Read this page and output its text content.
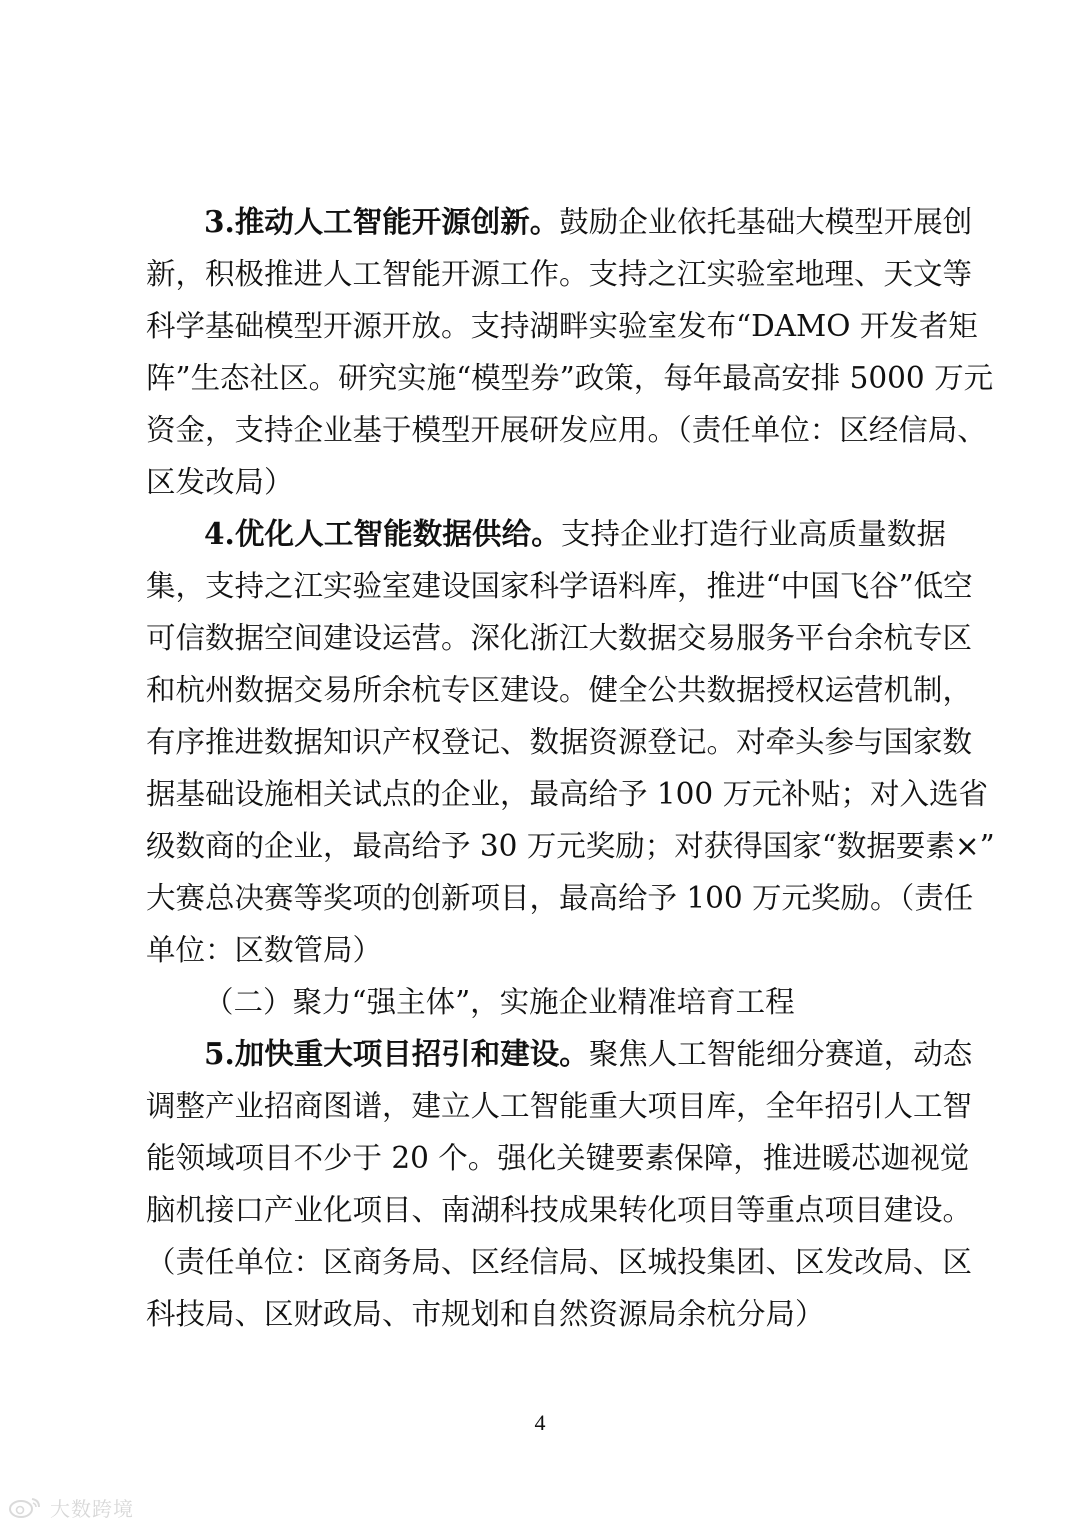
3.推动人工智能开源创新。鼓励企业依托基础大模型开展创
新，积极推进人工智能开源工作。支持之江实验室地理、天文等
科学基础模型开源开放。支持湖畔实验室发布“DAMO 开发者矩
阵”生态社区。研究实施“模型券”政策，每年最高安排 5000 万元
资金，支持企业基于模型开展研发应用。（责任单位：区经信局、
区发改局）
4.优化人工智能数据供给。支持企业打造行业高质量数据
集，支持之江实验室建设国家科学语料库，推进“中国飞谷”低空
可信数据空间建设运营。深化浙江大数据交易服务平台余杭专区
和杭州数据交易所余杭专区建设。健全公共数据授权运营机制，
有序推进数据知识产权登记、数据资源登记。对牵头参与国家数
据基础设施相关试点的企业，最高给予 100 万元补贴；对入选省
级数商的企业，最高给予 30 万元奖励；对获得国家“数据要素×”
大赛总决赛等奖项的创新项目，最高给予 100 万元奖励。（责任
单位：区数管局）
（二）聚力“强主体”，实施企业精准培育工程
5.加快重大项目招引和建设。聚焦人工智能细分赛道，动态
调整产业招商图谱，建立人工智能重大项目库，全年招引人工智
能领域项目不少于 20 个。强化关键要素保障，推进暖芯迦视觉
脑机接口产业化项目、南湖科技成果转化项目等重点项目建设。
（责任单位：区商务局、区经信局、区城投集团、区发改局、区
科技局、区财政局、市规划和自然资源局余杭分局）
4
大数跨境
